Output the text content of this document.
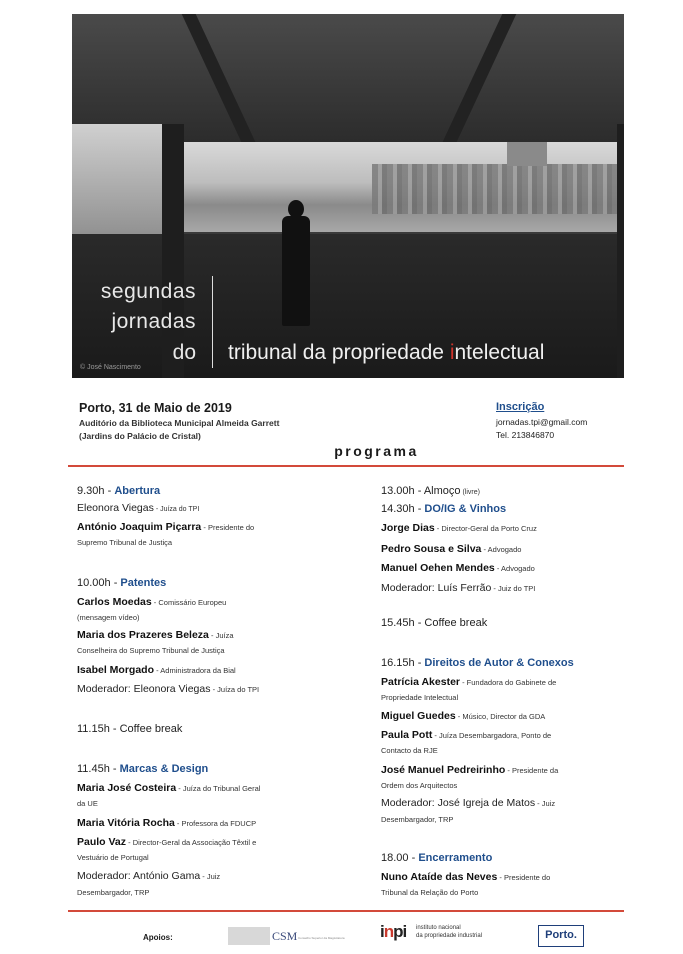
segundas
jornadas
do tribunal da propriedade intelectual
© José Nascimento
Porto, 31 de Maio de 2019
Auditório da Biblioteca Municipal Almeida Garrett
(Jardins do Palácio de Cristal)
Inscrição
jornadas.tpi@gmail.com
Tel. 213846870
programa
9.30h - Abertura
Eleonora Viegas - Juíza do TPI
António Joaquim Piçarra - Presidente do
Supremo Tribunal de Justiça
10.00h - Patentes
Carlos Moedas - Comissário Europeu
(mensagem vídeo)
Maria dos Prazeres Beleza - Juíza
Conselheira do Supremo Tribunal de Justiça
Isabel Morgado - Administradora da Bial
Moderador: Eleonora Viegas - Juíza do TPI
11.15h - Coffee break
11.45h - Marcas & Design
Maria José Costeira - Juíza do Tribunal Geral
da UE
Maria Vitória Rocha - Professora da FDUCP
Paulo Vaz - Director-Geral da Associação Têxtil e
Vestuário de Portugal
Moderador: António Gama - Juiz
Desembargador, TRP
13.00h - Almoço (livre)
14.30h - DO/IG & Vinhos
Jorge Dias - Director-Geral da Porto Cruz
Pedro Sousa e Silva - Advogado
Manuel Oehen Mendes - Advogado
Moderador: Luís Ferrão - Juiz do TPI
15.45h - Coffee break
16.15h - Direitos de Autor & Conexos
Patrícia Akester - Fundadora do Gabinete de
Propriedade Intelectual
Miguel Guedes - Músico, Director da GDA
Paula Pott - Juíza Desembargadora, Ponto de
Contacto da RJE
José Manuel Pedreirinho - Presidente da
Ordem dos Arquitectos
Moderador: José Igreja de Matos - Juiz
Desembargador, TRP
18.00 - Encerramento
Nuno Ataíde das Neves - Presidente do
Tribunal da Relação do Porto
Apoios:	CSM Conselho Superior da Magistratura inpi instituto nacional
da propriedade industrial	Porto.
